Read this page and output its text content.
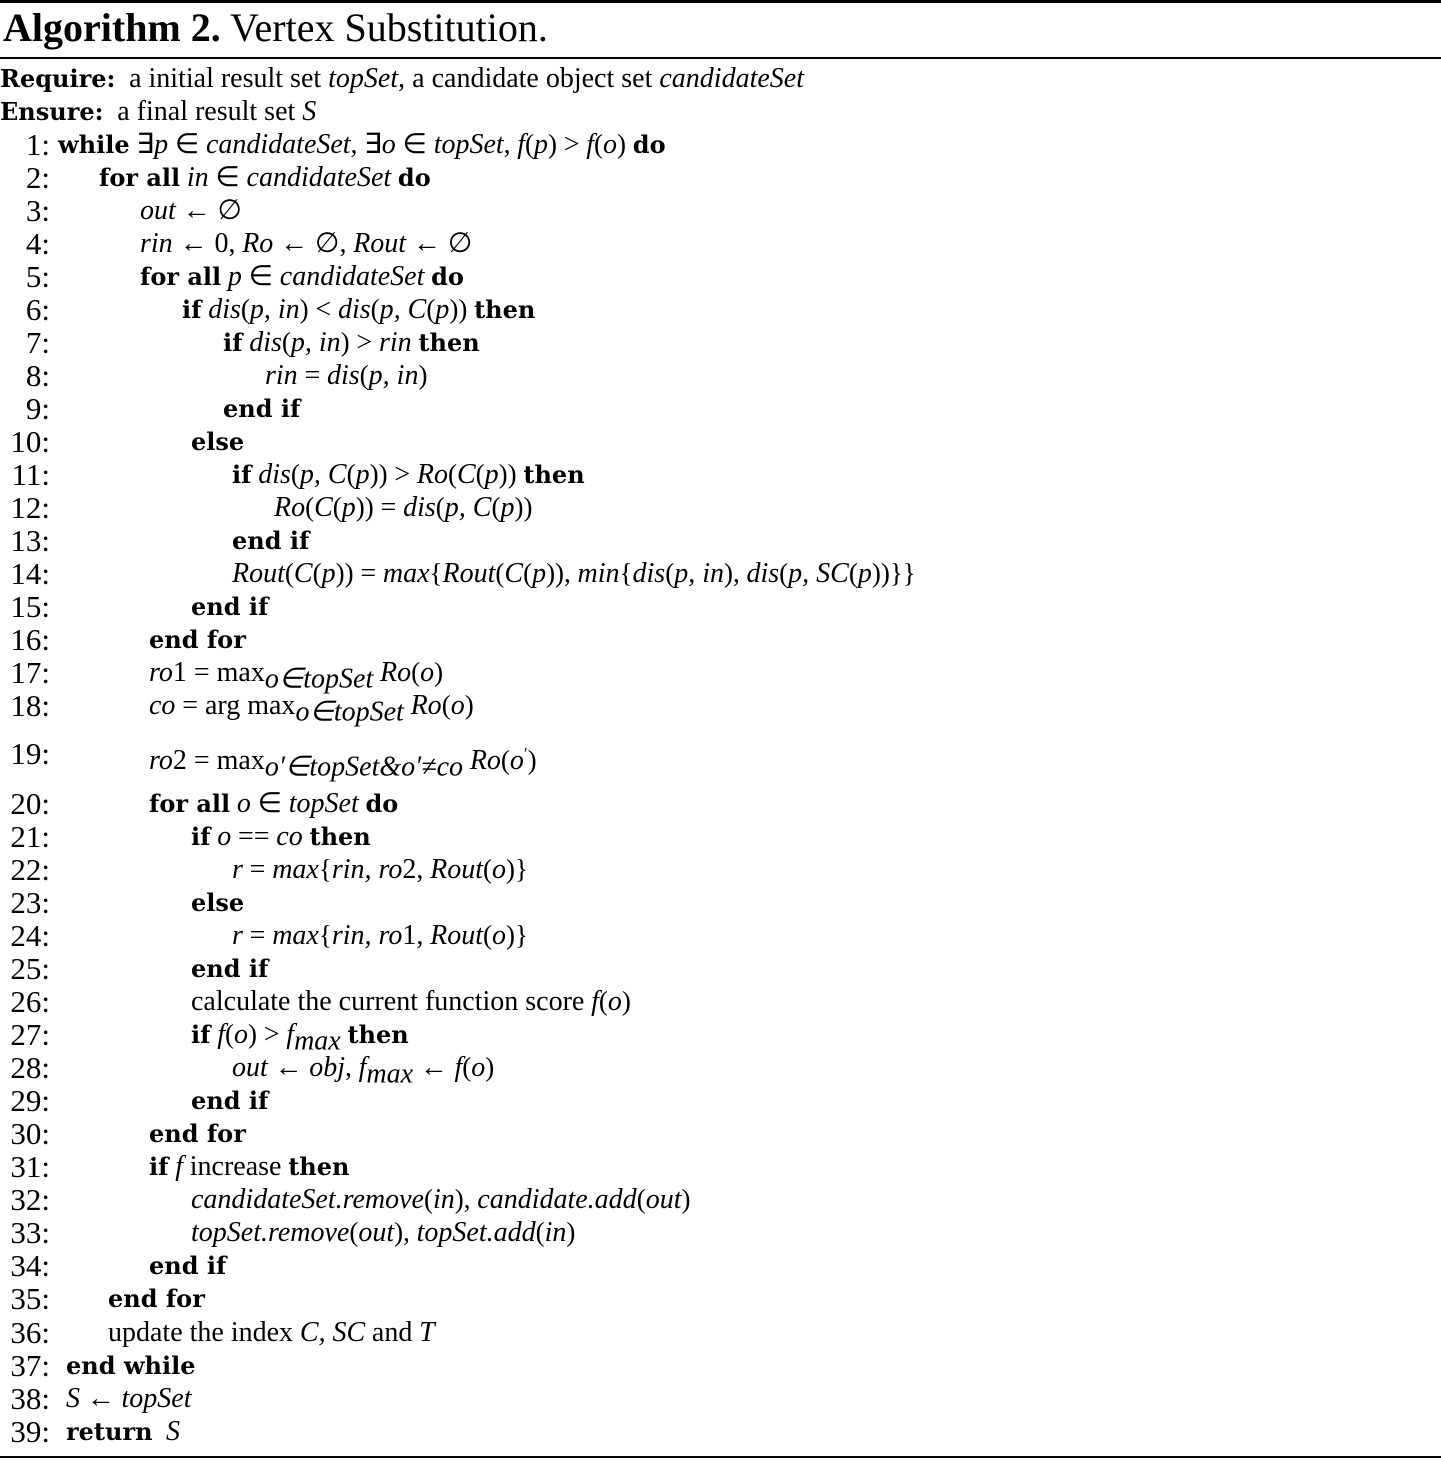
Algorithm 2. Vertex Substitution.
Require:  a initial result set topSet, a candidate object set candidateSet
Ensure:  a final result set S
1: while ∃p ∈ candidateSet, ∃o ∈ topSet, f(p) > f(o) do
2: for all in ∈ candidateSet do
3:	out ← ∅
4:	rin ← 0, Ro ← ∅, Rout ← ∅
5:	for all p ∈ candidateSet do
6:	if dis(p, in) < dis(p, C(p)) then
7:	if dis(p, in) > rin then
8:	rin = dis(p, in)
9:	end if
10:	else
11:	if dis(p, C(p)) > Ro(C(p)) then
12:	Ro(C(p)) = dis(p, C(p))
13:	end if
14:	Rout(C(p)) = max{Rout(C(p)), min{dis(p, in), dis(p, SC(p))}}
15:	end if
16:	end for
17:	$ro1 = \max_{o\in topSet} Ro(o)$
18:	co = arg $\max_{o\in topSet} Ro(o)$
19:	$ro2 = \max_{o'\in topSet\&o'\ne co} Ro(o')$
20:	for all o ∈ topSet do
21:	if o == co then
22:	r = max{rin, ro2, Rout(o)}
23:	else
24:	r = max{rin, ro1, Rout(o)}
25:	end if
26:	calculate the current function score f(o)
27:	if $f(o) > f_{max}$ then
28:	out ← obj, $f_{max}$ ← f(o)
29:	end if
30:	end for
31:	if f increase then
32:	candidateSet.remove(in), candidate.add(out)
33:	topSet.remove(out), topSet.add(in)
34:	end if
35: end for
36: update the index C, SC and T
37: end while
38: S ← topSet
39: return S
